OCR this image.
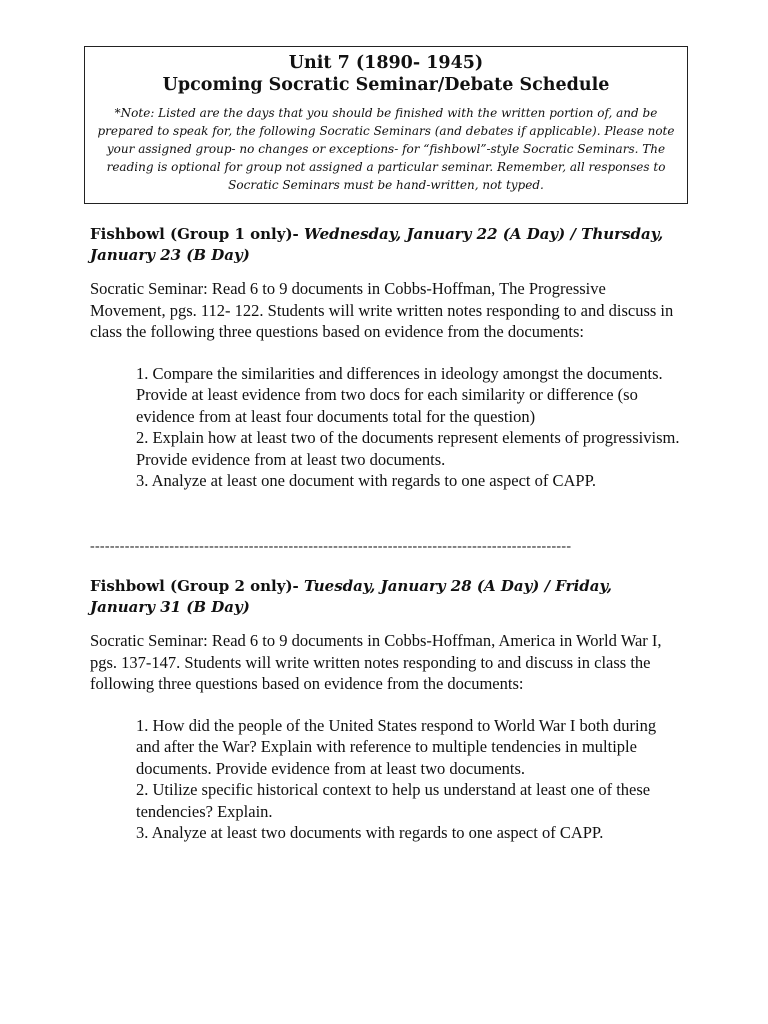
Unit 7 (1890- 1945)
Upcoming Socratic Seminar/Debate Schedule
*Note: Listed are the days that you should be finished with the written portion of, and be prepared to speak for, the following Socratic Seminars (and debates if applicable). Please note your assigned group- no changes or exceptions- for “fishbowl”-style Socratic Seminars. The reading is optional for group not assigned a particular seminar. Remember, all responses to Socratic Seminars must be hand-written, not typed.
Fishbowl (Group 1 only)- Wednesday, January 22 (A Day) / Thursday, January 23 (B Day)
Socratic Seminar: Read 6 to 9 documents in Cobbs-Hoffman, The Progressive Movement, pgs. 112- 122. Students will write written notes responding to and discuss in class the following three questions based on evidence from the documents:
1. Compare the similarities and differences in ideology amongst the documents. Provide at least evidence from two docs for each similarity or difference (so evidence from at least four documents total for the question)
2. Explain how at least two of the documents represent elements of progressivism. Provide evidence from at least two documents.
3. Analyze at least one document with regards to one aspect of CAPP.
-------------------------------------------------------------------------------------------------
Fishbowl (Group 2 only)- Tuesday, January 28 (A Day) / Friday, January 31 (B Day)
Socratic Seminar: Read 6 to 9 documents in Cobbs-Hoffman, America in World War I, pgs. 137-147. Students will write written notes responding to and discuss in class the following three questions based on evidence from the documents:
1. How did the people of the United States respond to World War I both during and after the War? Explain with reference to multiple tendencies in multiple documents. Provide evidence from at least two documents.
2. Utilize specific historical context to help us understand at least one of these tendencies? Explain.
3. Analyze at least two documents with regards to one aspect of CAPP.
